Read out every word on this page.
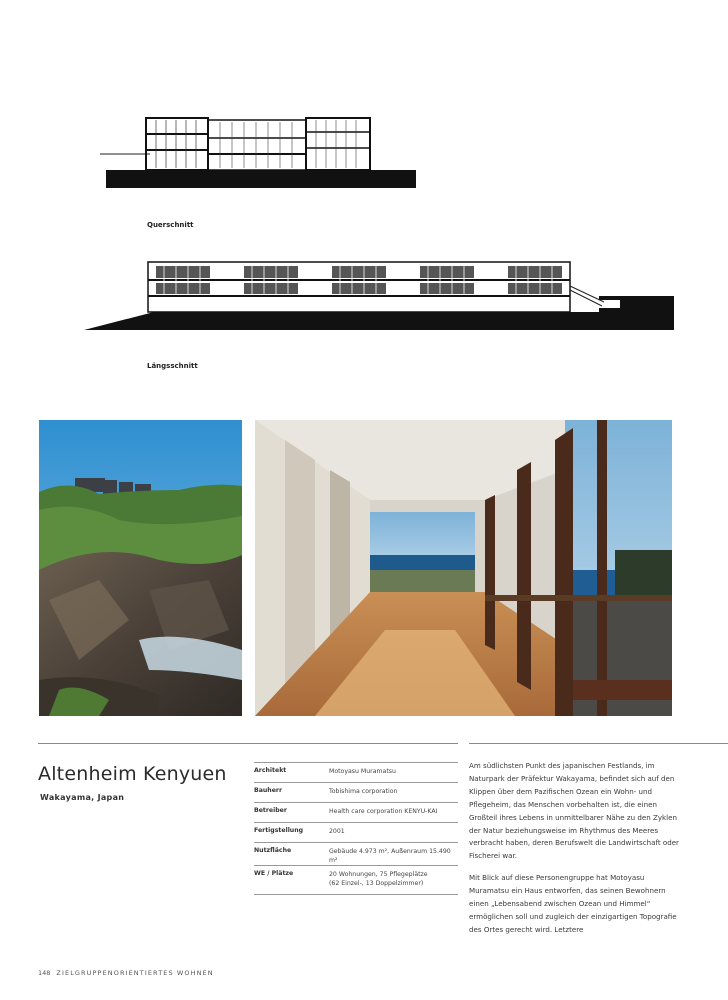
Querschnitt
Längsschnitt
Altenheim Kenyuen
Wakayama, Japan
Architekt	Motoyasu Muramatsu
Bauherr	Tobishima corporation
Betreiber	Health care corporation KENYU-KAI
Fertigstellung	2001
Nutzfläche	Gebäude 4.973 m², Außenraum 15.490 m²
WE / Plätze	20 Wohnungen, 75 Pflegeplätze
(62 Einzel-, 13 Doppelzimmer)

Am südlichsten Punkt des japanischen Festlands, im Naturpark der Präfektur Wakayama, befindet sich auf den Klippen über dem Pazifischen Ozean ein Wohn- und Pflegeheim, das Menschen vorbehalten ist, die einen Großteil ihres Lebens in unmittelbarer Nähe zu den Zyklen der Natur beziehungsweise im Rhythmus des Meeres verbracht haben, deren Berufswelt die Landwirtschaft oder Fischerei war.

Mit Blick auf diese Personengruppe hat Motoyasu Muramatsu ein Haus entworfen, das seinen Bewohnern einen „Lebensabend zwischen Ozean und Himmel“ ermöglichen soll und zugleich der einzigartigen Topografie des Ortes gerecht wird. Letztere

148 ZIELGRUPPENORIENTIERTES WOHNEN
